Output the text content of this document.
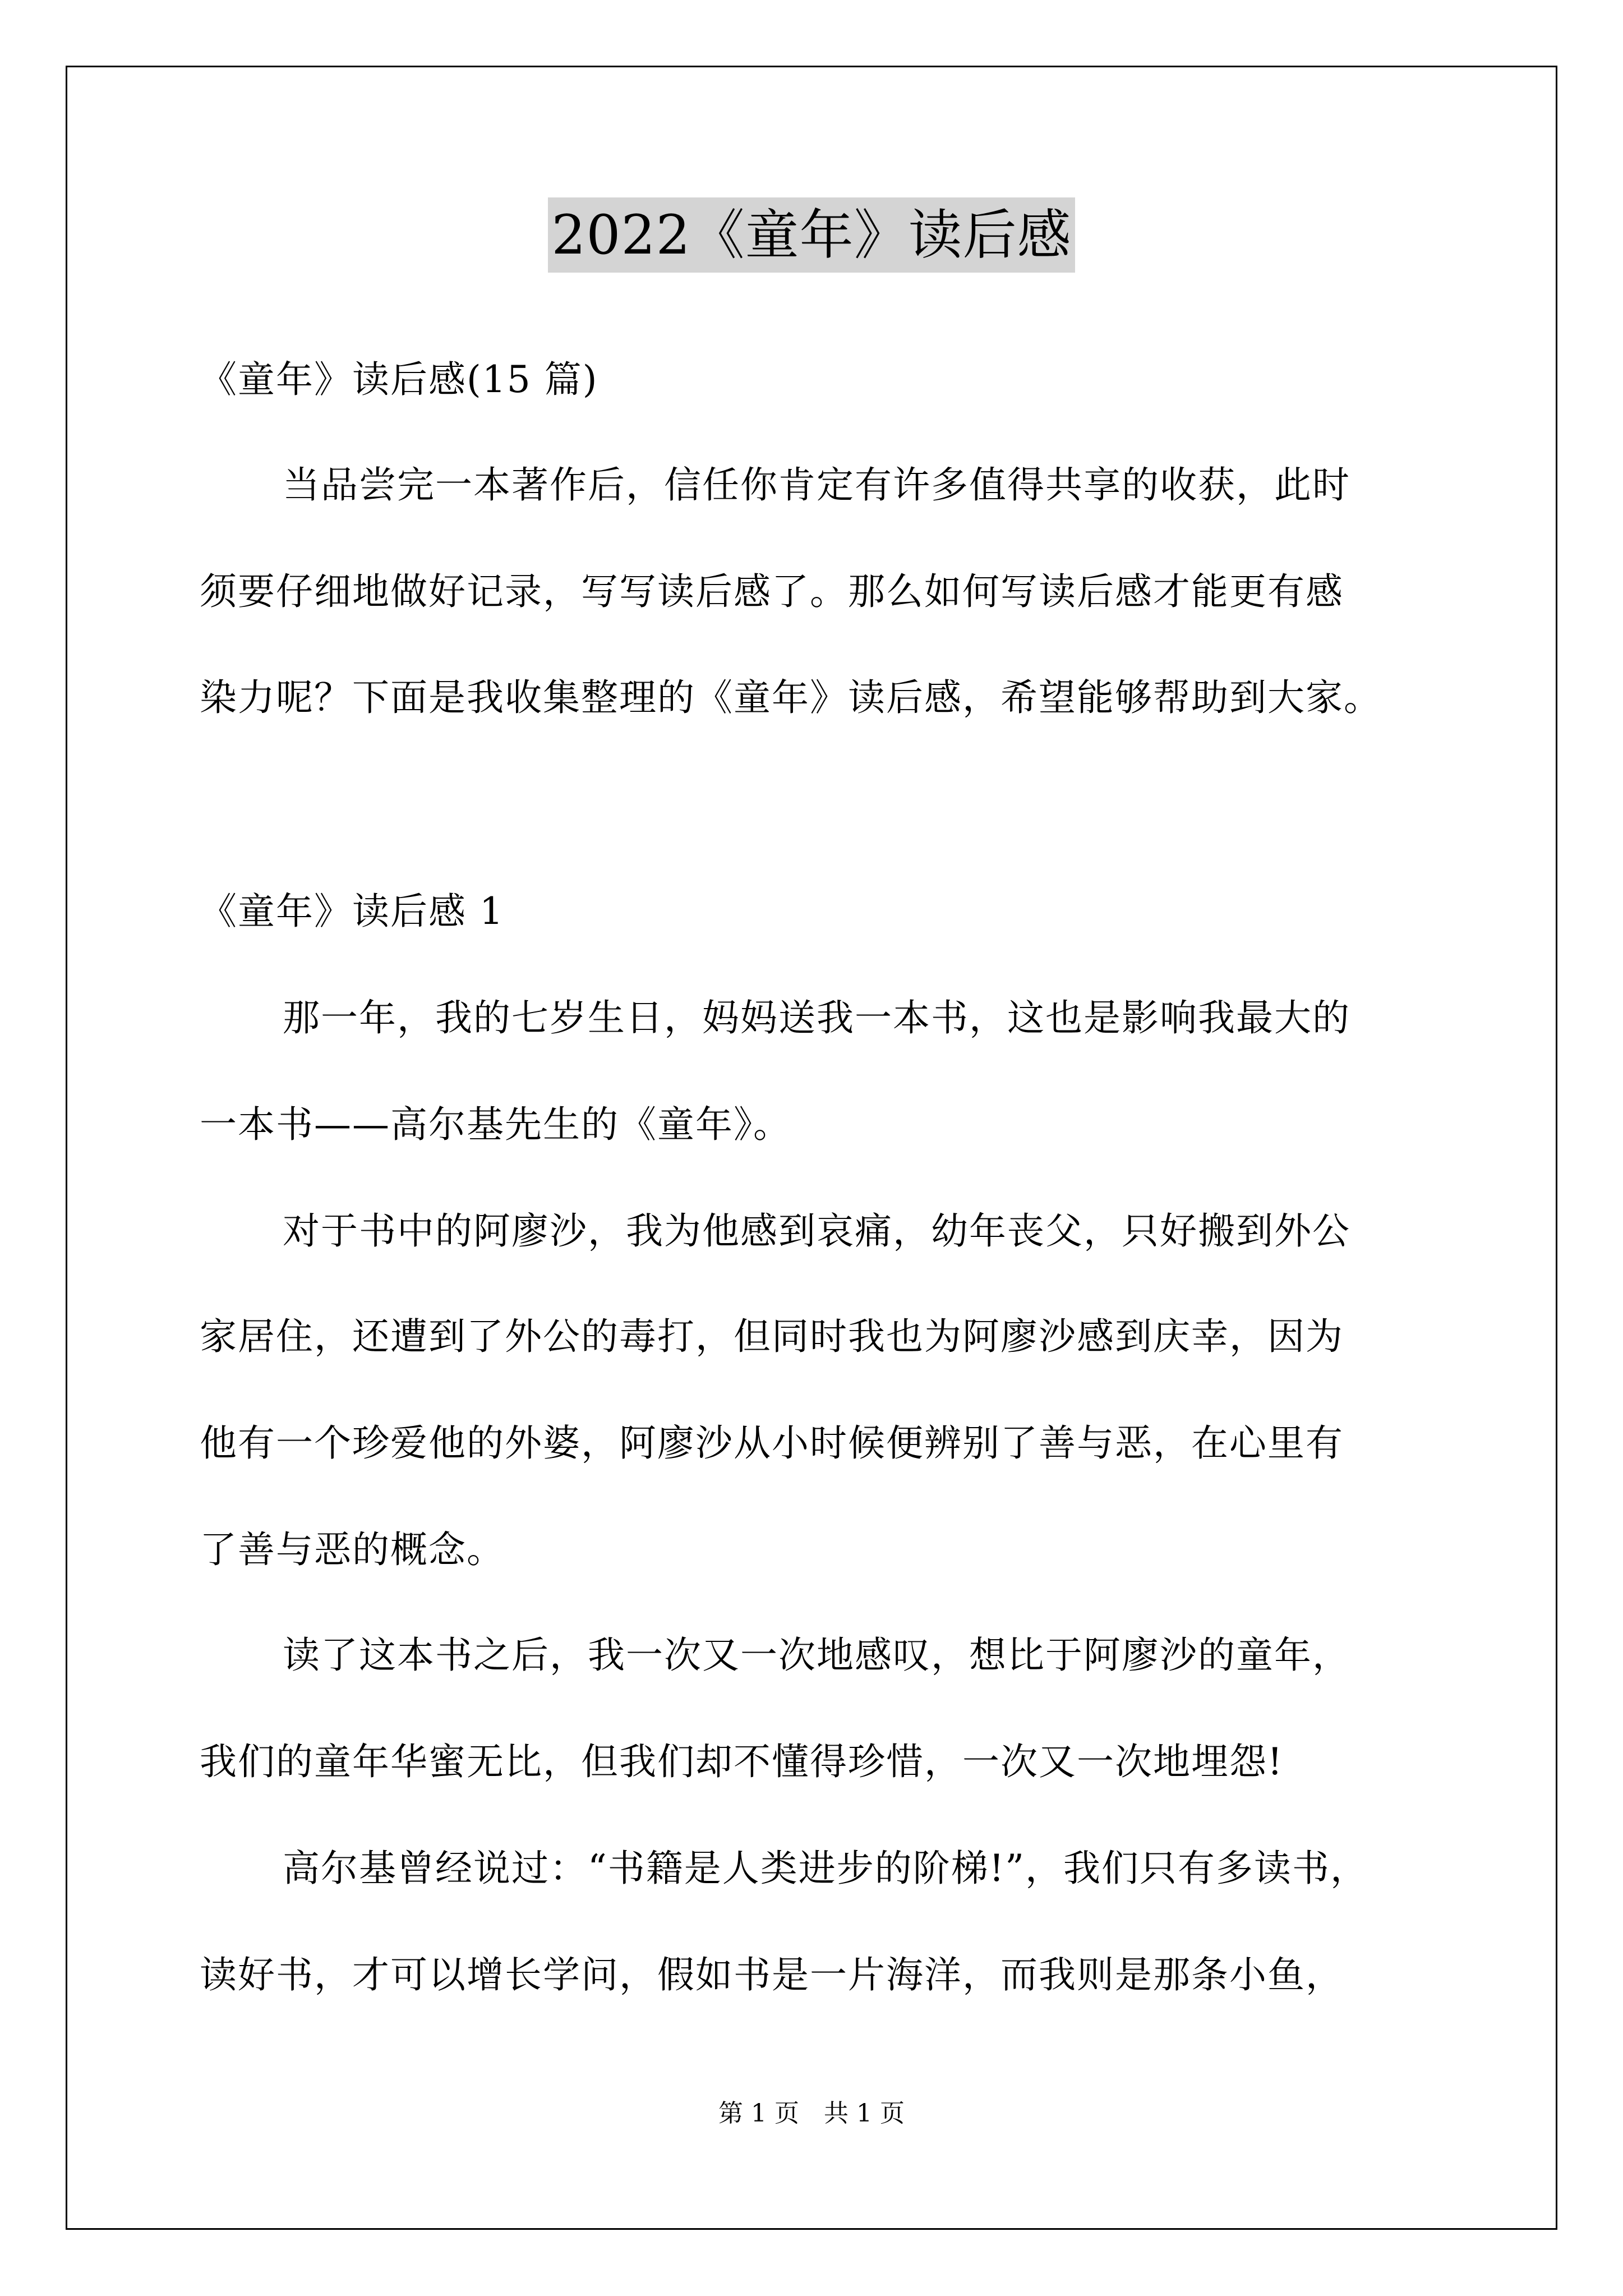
2022《童年》读后感
《童年》读后感(15 篇)
当品尝完一本著作后，信任你肯定有许多值得共享的收获，此时
须要仔细地做好记录，写写读后感了。那么如何写读后感才能更有感
染力呢？下面是我收集整理的《童年》读后感，希望能够帮助到大家。
《童年》读后感 1
那一年，我的七岁生日，妈妈送我一本书，这也是影响我最大的
一本书——高尔基先生的《童年》。
对于书中的阿廖沙，我为他感到哀痛，幼年丧父，只好搬到外公
家居住，还遭到了外公的毒打，但同时我也为阿廖沙感到庆幸，因为
他有一个珍爱他的外婆，阿廖沙从小时候便辨别了善与恶，在心里有
了善与恶的概念。
读了这本书之后，我一次又一次地感叹，想比于阿廖沙的童年，
我们的童年华蜜无比，但我们却不懂得珍惜，一次又一次地埋怨!
高尔基曾经说过：“书籍是人类进步的阶梯!”，我们只有多读书，
读好书，才可以增长学问，假如书是一片海洋，而我则是那条小鱼，
第 1 页　共 1 页
